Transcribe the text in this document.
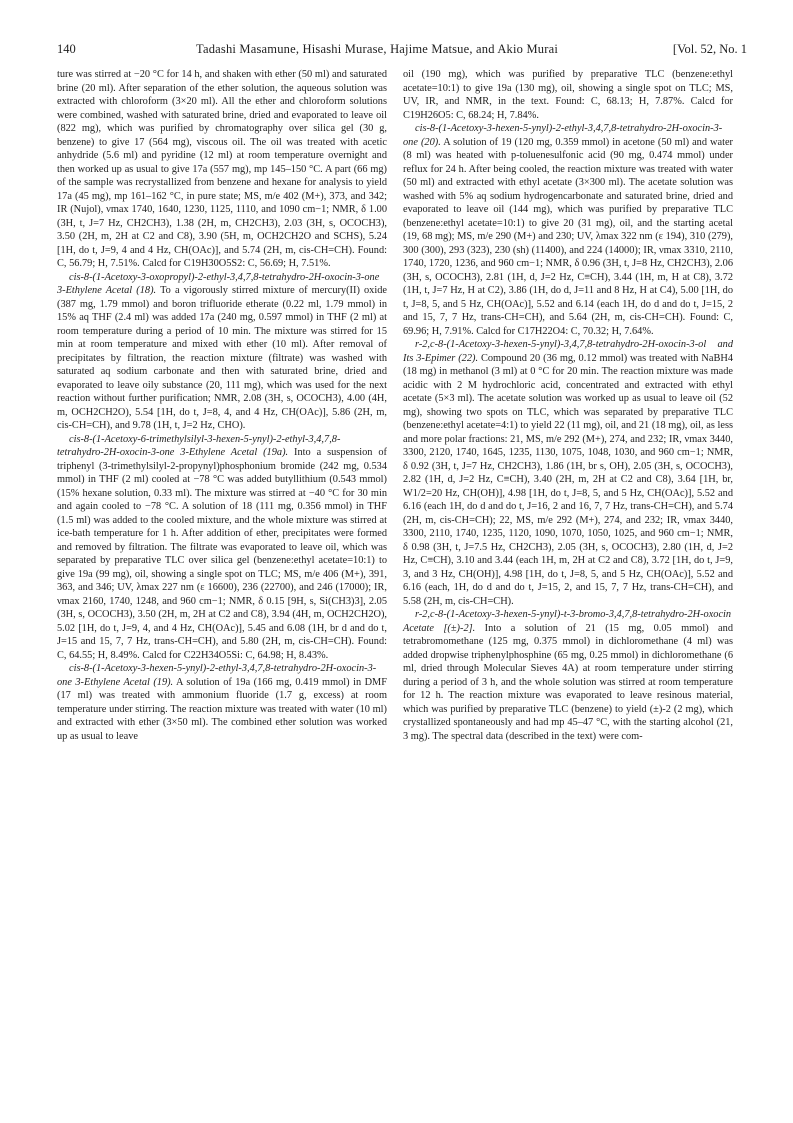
140	Tadashi Masamune, Hisashi Murase, Hajime Matsue, and Akio Murai	[Vol. 52, No. 1

ture was stirred at −20 °C for 14 h, and shaken with ether (50 ml) and saturated brine (20 ml). After separation of the ether solution, the aqueous solution was extracted with chloroform (3×20 ml). All the ether and chloroform solutions were combined, washed with saturated brine, dried and evaporated to leave oil (822 mg), which was purified by chromatography over silica gel (30 g, benzene) to give 17 (564 mg), viscous oil. The oil was treated with acetic anhydride (5.6 ml) and pyridine (12 ml) at room temperature overnight and then worked up as usual to give 17a (557 mg), mp 145–150 °C. A part (66 mg) of the sample was recrystallized from benzene and hexane for analysis to yield 17a (45 mg), mp 161–162 °C, in pure state; MS, m/e 402 (M+), 373, and 342; IR (Nujol), νmax 1740, 1640, 1230, 1125, 1110, and 1090 cm−1; NMR, δ 1.00 (3H, t, J=7 Hz, CH2CH3), 1.38 (2H, m, CH2CH3), 2.03 (3H, s, OCOCH3), 3.50 (2H, m, 2H at C2 and C8), 3.90 (5H, m, OCH2CH2O and SCHS), 5.24 [1H, do t, J=9, 4 and 4 Hz, CH(OAc)], and 5.74 (2H, m, cis-CH=CH). Found: C, 56.79; H, 7.51%. Calcd for C19H30O5S2: C, 56.69; H, 7.51%.

cis-8-(1-Acetoxy-3-oxopropyl)-2-ethyl-3,4,7,8-tetrahydro-2H-oxocin-3-one 3-Ethylene Acetal (18). To a vigorously stirred mixture of mercury(II) oxide (387 mg, 1.79 mmol) and boron trifluoride etherate (0.22 ml, 1.79 mmol) in 15% aq THF (2.4 ml) was added 17a (240 mg, 0.597 mmol) in THF (2 ml) at room temperature during a period of 10 min. The mixture was stirred for 15 min at room temperature and mixed with ether (10 ml). After removal of precipitates by filtration, the reaction mixture (filtrate) was washed with saturated aq sodium carbonate and then with saturated brine, dried and evaporated to leave oily substance (20, 111 mg), which was used for the next reaction without further purification; NMR, 2.08 (3H, s, OCOCH3), 4.00 (4H, m, OCH2CH2O), 5.54 [1H, do t, J=8, 4, and 4 Hz, CH(OAc)], 5.86 (2H, m, cis-CH=CH), and 9.78 (1H, t, J=2 Hz, CHO).

cis-8-(1-Acetoxy-6-trimethylsilyl-3-hexen-5-ynyl)-2-ethyl-3,4,7,8-tetrahydro-2H-oxocin-3-one 3-Ethylene Acetal (19a). Into a suspension of triphenyl (3-trimethylsilyl-2-propynyl)phosphonium bromide (242 mg, 0.534 mmol) in THF (2 ml) cooled at −78 °C was added butyllithium (0.543 mmol) (15% hexane solution, 0.33 ml). The mixture was stirred at −40 °C for 30 min and again cooled to −78 °C. A solution of 18 (111 mg, 0.356 mmol) in THF (1.5 ml) was added to the cooled mixture, and the whole mixture was stirred at ice-bath temperature for 1 h. After addition of ether, precipitates were formed and removed by filtration. The filtrate was evaporated to leave oil, which was separated by preparative TLC over silica gel (benzene:ethyl acetate=10:1) to give 19a (99 mg), oil, showing a single spot on TLC; MS, m/e 406 (M+), 391, 363, and 346; UV, λmax 227 nm (ε 16600), 236 (22700), and 246 (17000); IR, νmax 2160, 1740, 1248, and 960 cm−1; NMR, δ 0.15 [9H, s, Si(CH3)3], 2.05 (3H, s, OCOCH3), 3.50 (2H, m, 2H at C2 and C8), 3.94 (4H, m, OCH2CH2O), 5.02 [1H, do t, J=9, 4, and 4 Hz, CH(OAc)], 5.45 and 6.08 (1H, br d and do t, J=15 and 15, 7, 7 Hz, trans-CH=CH), and 5.80 (2H, m, cis-CH=CH). Found: C, 64.55; H, 8.49%. Calcd for C22H34O5Si: C, 64.98; H, 8.43%.

cis-8-(1-Acetoxy-3-hexen-5-ynyl)-2-ethyl-3,4,7,8-tetrahydro-2H-oxocin-3-one 3-Ethylene Acetal (19). A solution of 19a (166 mg, 0.419 mmol) in DMF (17 ml) was treated with ammonium fluoride (1.7 g, excess) at room temperature under stirring. The reaction mixture was treated with water (10 ml) and extracted with ether (3×50 ml). The combined ether solution was worked up as usual to leave

oil (190 mg), which was purified by preparative TLC (benzene:ethyl acetate=10:1) to give 19a (130 mg), oil, showing a single spot on TLC; MS, UV, IR, and NMR, in the text. Found: C, 68.13; H, 7.87%. Calcd for C19H26O5: C, 68.24; H, 7.84%.

cis-8-(1-Acetoxy-3-hexen-5-ynyl)-2-ethyl-3,4,7,8-tetrahydro-2H-oxocin-3-one (20). A solution of 19 (120 mg, 0.359 mmol) in acetone (50 ml) and water (8 ml) was heated with p-toluenesulfonic acid (90 mg, 0.474 mmol) under reflux for 24 h. After being cooled, the reaction mixture was treated with water (50 ml) and extracted with ethyl acetate (3×300 ml). The acetate solution was washed with 5% aq sodium hydrogencarbonate and saturated brine, dried and evaporated to leave oil (144 mg), which was purified by preparative TLC (benzene:ethyl acetate=10:1) to give 20 (31 mg), oil, and the starting acetal (19, 68 mg); MS, m/e 290 (M+) and 230; UV, λmax 322 nm (ε 194), 310 (279), 300 (300), 293 (323), 230 (sh) (11400), and 224 (14000); IR, νmax 3310, 2110, 1740, 1720, 1236, and 960 cm−1; NMR, δ 0.96 (3H, t, J=8 Hz, CH2CH3), 2.06 (3H, s, OCOCH3), 2.81 (1H, d, J=2 Hz, C≡CH), 3.44 (1H, m, H at C8), 3.72 (1H, t, J=7 Hz, H at C2), 3.86 (1H, do d, J=11 and 8 Hz, H at C4), 5.00 [1H, do t, J=8, 5, and 5 Hz, CH(OAc)], 5.52 and 6.14 (each 1H, do d and do t, J=15, 2 and 15, 7, 7 Hz, trans-CH=CH), and 5.64 (2H, m, cis-CH=CH). Found: C, 69.96; H, 7.91%. Calcd for C17H22O4: C, 70.32; H, 7.64%.

r-2,c-8-(1-Acetoxy-3-hexen-5-ynyl)-3,4,7,8-tetrahydro-2H-oxocin-3-ol and Its 3-Epimer (22). Compound 20 (36 mg, 0.12 mmol) was treated with NaBH4 (18 mg) in methanol (3 ml) at 0 °C for 20 min. The reaction mixture was made acidic with 2 M hydrochloric acid, concentrated and extracted with ethyl acetate (5×3 ml). The acetate solution was worked up as usual to leave oil (52 mg), showing two spots on TLC, which was separated by preparative TLC (benzene:ethyl acetate=4:1) to yield 22 (11 mg), oil, and 21 (18 mg), oil, as less and more polar fractions: 21, MS, m/e 292 (M+), 274, and 232; IR, νmax 3440, 3300, 2120, 1740, 1645, 1235, 1130, 1075, 1048, 1030, and 960 cm−1; NMR, δ 0.92 (3H, t, J=7 Hz, CH2CH3), 1.86 (1H, br s, OH), 2.05 (3H, s, OCOCH3), 2.82 (1H, d, J=2 Hz, C≡CH), 3.40 (2H, m, 2H at C2 and C8), 3.64 [1H, br, W1/2=20 Hz, CH(OH)], 4.98 [1H, do t, J=8, 5, and 5 Hz, CH(OAc)], 5.52 and 6.16 (each 1H, do d and do t, J=16, 2 and 16, 7, 7 Hz, trans-CH=CH), and 5.74 (2H, m, cis-CH=CH); 22, MS, m/e 292 (M+), 274, and 232; IR, νmax 3440, 3300, 2110, 1740, 1235, 1120, 1090, 1070, 1050, 1025, and 960 cm−1; NMR, δ 0.98 (3H, t, J=7.5 Hz, CH2CH3), 2.05 (3H, s, OCOCH3), 2.80 (1H, d, J=2 Hz, C≡CH), 3.10 and 3.44 (each 1H, m, 2H at C2 and C8), 3.72 [1H, do t, J=9, 3, and 3 Hz, CH(OH)], 4.98 [1H, do t, J=8, 5, and 5 Hz, CH(OAc)], 5.52 and 6.16 (each, 1H, do d and do t, J=15, 2, and 15, 7, 7 Hz, trans-CH=CH), and 5.58 (2H, m, cis-CH=CH).

r-2,c-8-(1-Acetoxy-3-hexen-5-ynyl)-t-3-bromo-3,4,7,8-tetrahydro-2H-oxocin Acetate [(±)-2]. Into a solution of 21 (15 mg, 0.05 mmol) and tetrabromomethane (125 mg, 0.375 mmol) in dichloromethane (4 ml) was added dropwise triphenylphosphine (65 mg, 0.25 mmol) in dichloromethane (6 ml, dried through Molecular Sieves 4A) at room temperature under stirring during a period of 3 h, and the whole solution was stirred at room temperature for 12 h. The reaction mixture was evaporated to leave resinous material, which was purified by preparative TLC (benzene) to yield (±)-2 (2 mg), which crystallized spontaneously and had mp 45–47 °C, with the starting alcohol (21, 3 mg). The spectral data (described in the text) were com-
